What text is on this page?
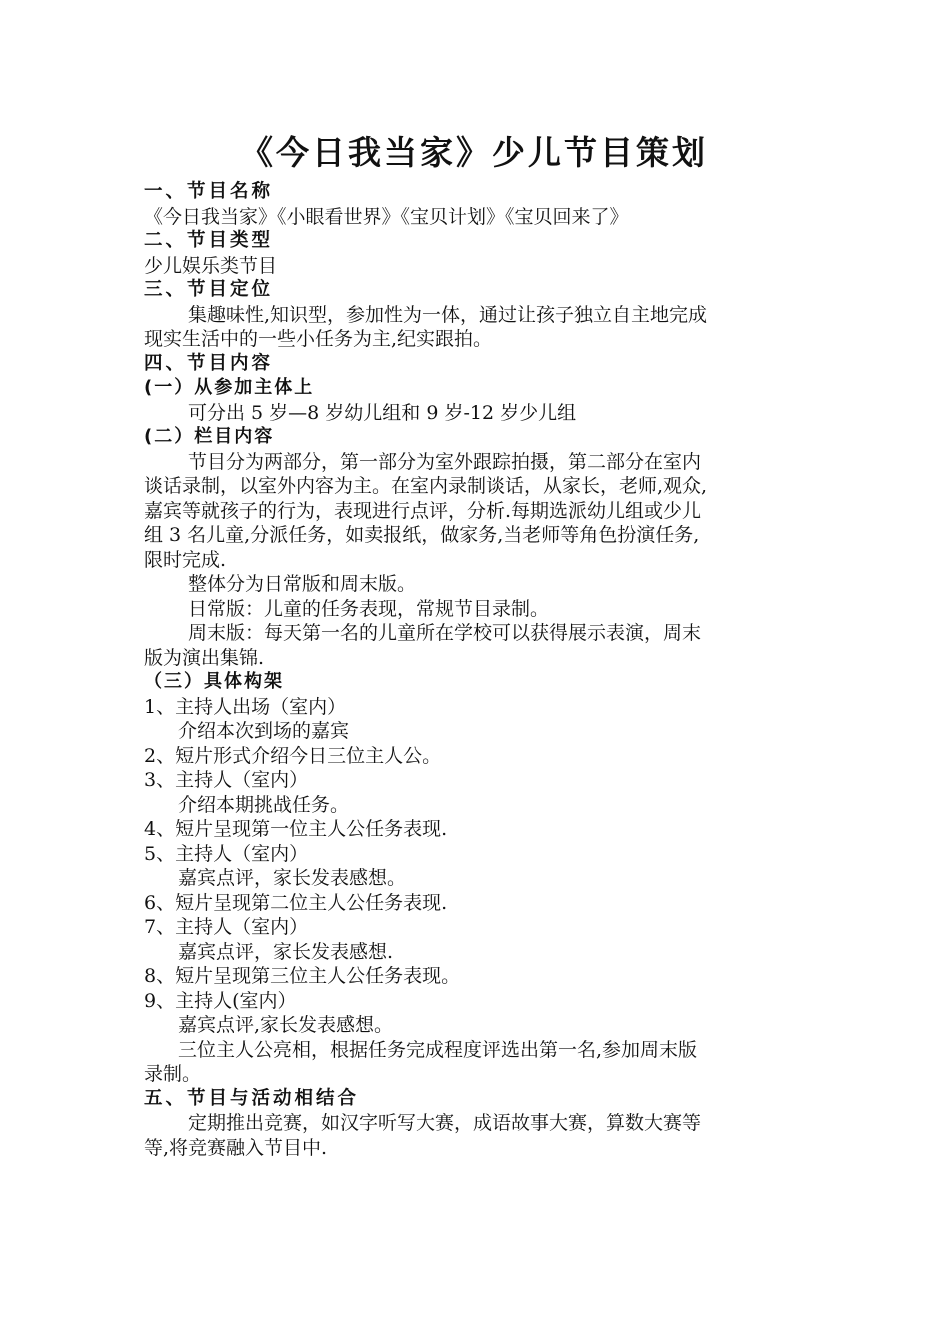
《今日我当家》少儿节目策划
一、节目名称
《今日我当家》《小眼看世界》《宝贝计划》《宝贝回来了》
二、节目类型
少儿娱乐类节目
三、节目定位
集趣味性,知识型，参加性为一体，通过让孩子独立自主地完成
现实生活中的一些小任务为主,纪实跟拍。
四、节目内容
(一）从参加主体上
可分出 5 岁—8 岁幼儿组和 9 岁-12 岁少儿组
(二）栏目内容
节目分为两部分，第一部分为室外跟踪拍摄，第二部分在室内
谈话录制，以室外内容为主。在室内录制谈话，从家长，老师,观众,
嘉宾等就孩子的行为，表现进行点评，分析.每期选派幼儿组或少儿
组 3 名儿童,分派任务，如卖报纸，做家务,当老师等角色扮演任务,
限时完成.
整体分为日常版和周末版。
日常版：儿童的任务表现，常规节目录制。
周末版：每天第一名的儿童所在学校可以获得展示表演，周末
版为演出集锦.
（三）具体构架
1、主持人出场（室内）
介绍本次到场的嘉宾
2、短片形式介绍今日三位主人公。
3、主持人（室内）
介绍本期挑战任务。
4、短片呈现第一位主人公任务表现.
5、主持人（室内）
嘉宾点评，家长发表感想。
6、短片呈现第二位主人公任务表现.
7、主持人（室内）
嘉宾点评，家长发表感想.
8、短片呈现第三位主人公任务表现。
9、主持人(室内）
嘉宾点评,家长发表感想。
三位主人公亮相，根据任务完成程度评选出第一名,参加周末版
录制。
五、节目与活动相结合
定期推出竞赛，如汉字听写大赛，成语故事大赛，算数大赛等
等,将竞赛融入节目中.
